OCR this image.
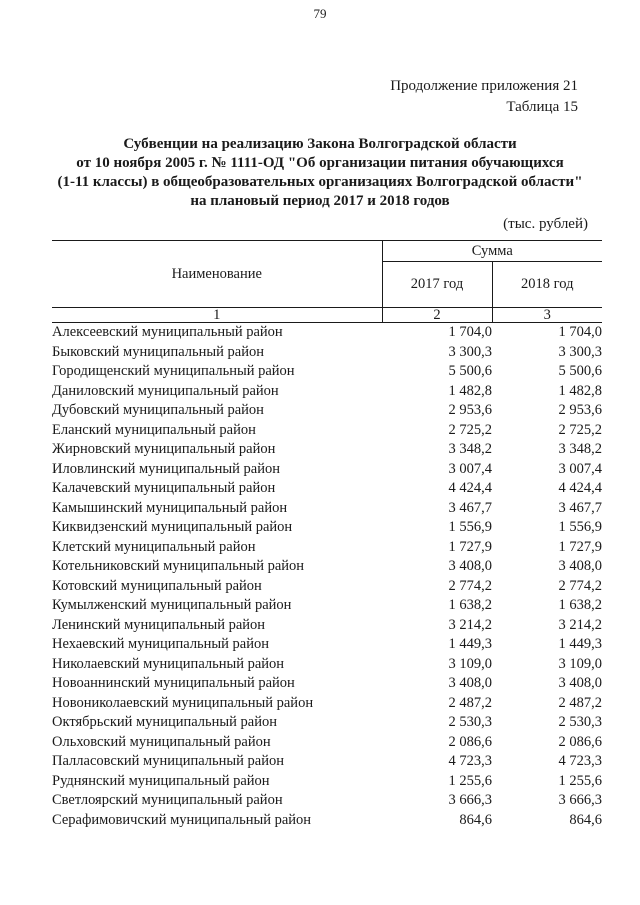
79
Продолжение приложения 21
Таблица 15
Субвенции на реализацию Закона Волгоградской области
от 10 ноября 2005 г. № 1111-ОД "Об организации питания обучающихся
(1-11 классы) в общеобразовательных организациях Волгоградской области"
на плановый период 2017 и 2018 годов
(тыс. рублей)
Наименование	Сумма	
	2017 год	2018 год
1	2	3
Алексеевский муниципальный район	1 704,0	1 704,0
Быковский муниципальный район	3 300,3	3 300,3
Городищенский муниципальный район	5 500,6	5 500,6
Даниловский муниципальный район	1 482,8	1 482,8
Дубовский муниципальный район	2 953,6	2 953,6
Еланский муниципальный район	2 725,2	2 725,2
Жирновский муниципальный район	3 348,2	3 348,2
Иловлинский муниципальный район	3 007,4	3 007,4
Калачевский муниципальный район	4 424,4	4 424,4
Камышинский муниципальный район	3 467,7	3 467,7
Киквидзенский муниципальный район	1 556,9	1 556,9
Клетский муниципальный район	1 727,9	1 727,9
Котельниковский муниципальный район	3 408,0	3 408,0
Котовский муниципальный район	2 774,2	2 774,2
Кумылженский муниципальный район	1 638,2	1 638,2
Ленинский муниципальный район	3 214,2	3 214,2
Нехаевский муниципальный район	1 449,3	1 449,3
Николаевский муниципальный район	3 109,0	3 109,0
Новоаннинский муниципальный район	3 408,0	3 408,0
Новониколаевский муниципальный район	2 487,2	2 487,2
Октябрьский муниципальный район	2 530,3	2 530,3
Ольховский муниципальный район	2 086,6	2 086,6
Палласовский муниципальный район	4 723,3	4 723,3
Руднянский муниципальный район	1 255,6	1 255,6
Светлоярский муниципальный район	3 666,3	3 666,3
Серафимовичский муниципальный район	864,6	864,6
